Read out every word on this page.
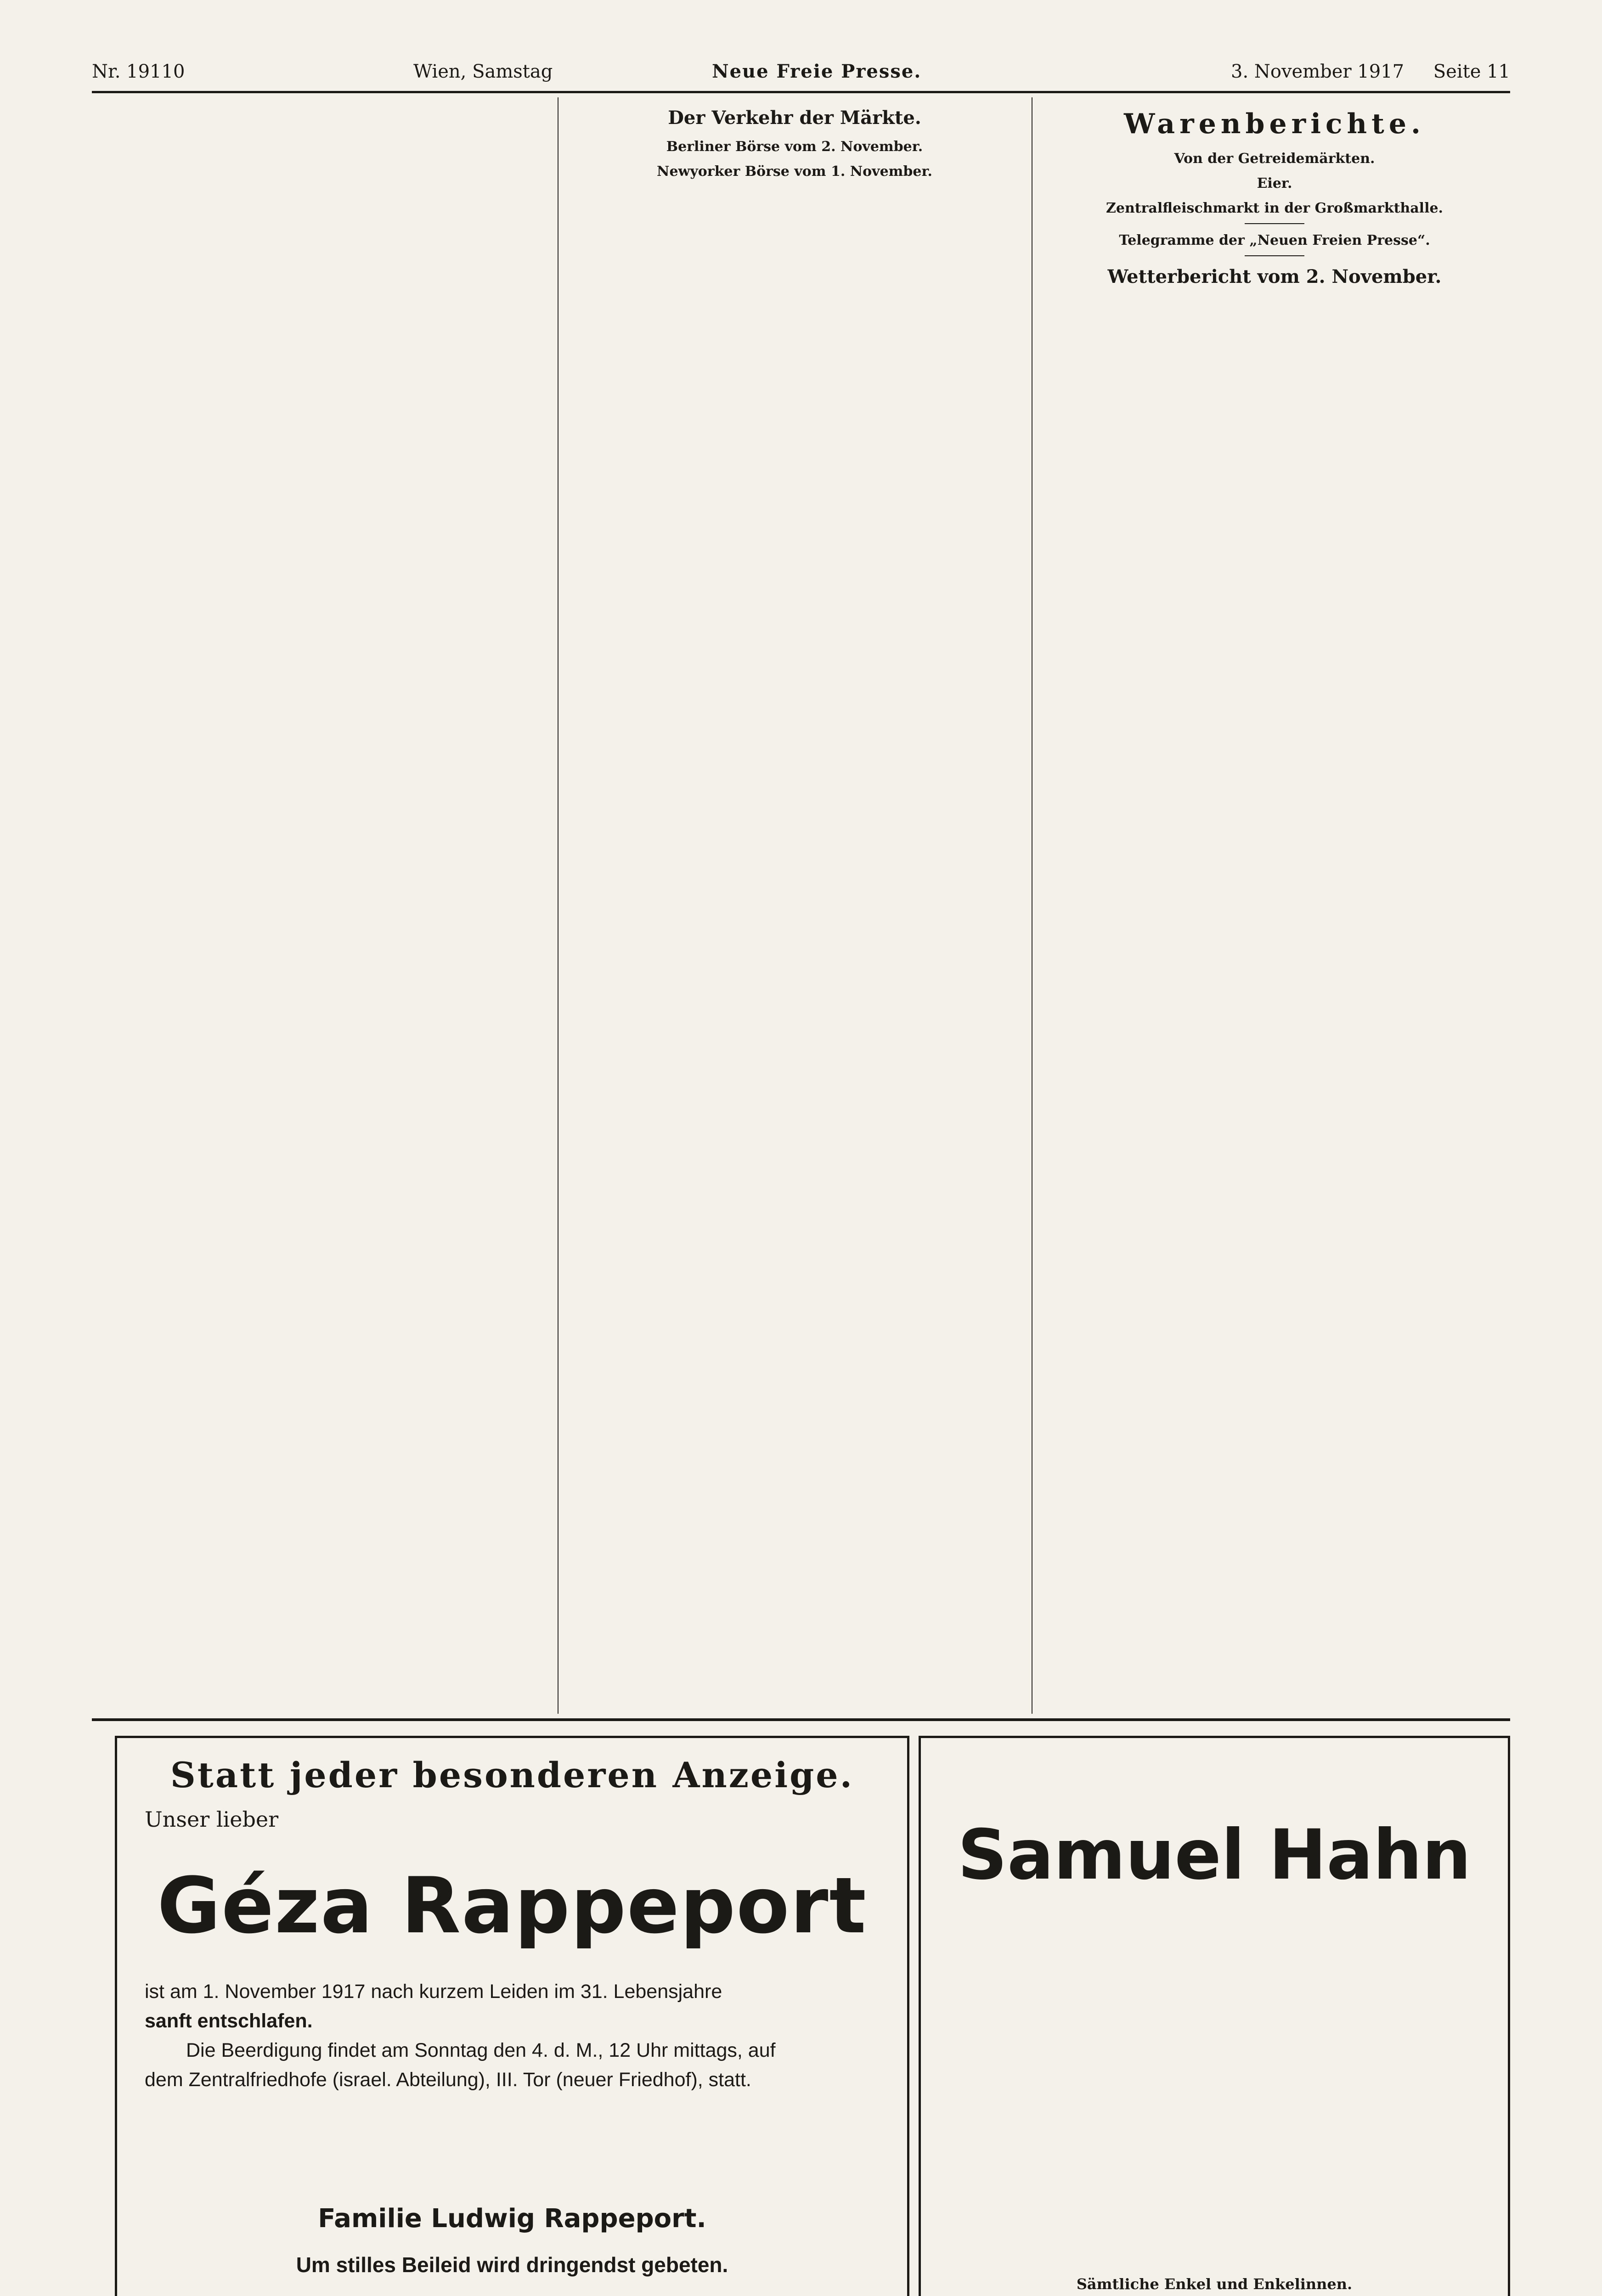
Nr. 19110	Wien, Samstag	Neue Freie Presse.	3. November 1917 Seite 11

Der Verkehr der Märkte.
Berliner Börse vom 2. November.

Newyorker Börse vom 1. November.

Warenberichte.
Von der Getreidemärkten.

Eier.

Zentralfleischmarkt in der Großmarkthalle.

Telegramme der „Neuen Freien Presse“.

Wetterbericht vom 2. November.

Statt jeder besonderen Anzeige.
Unser lieber
Géza Rappeport
ist am 1. November 1917 nach kurzem Leiden im 31. Lebensjahre
sanft entschlafen.
Die Beerdigung findet am Sonntag den 4. d. M., 12 Uhr mittags, auf
dem Zentralfriedhofe (israel. Abteilung), III. Tor (neuer Friedhof), statt.
Familie Ludwig Rappeport.
Um stilles Beileid wird dringendst gebeten.
Samuel Hahn
Sämtliche Enkel und Enkelinnen.
